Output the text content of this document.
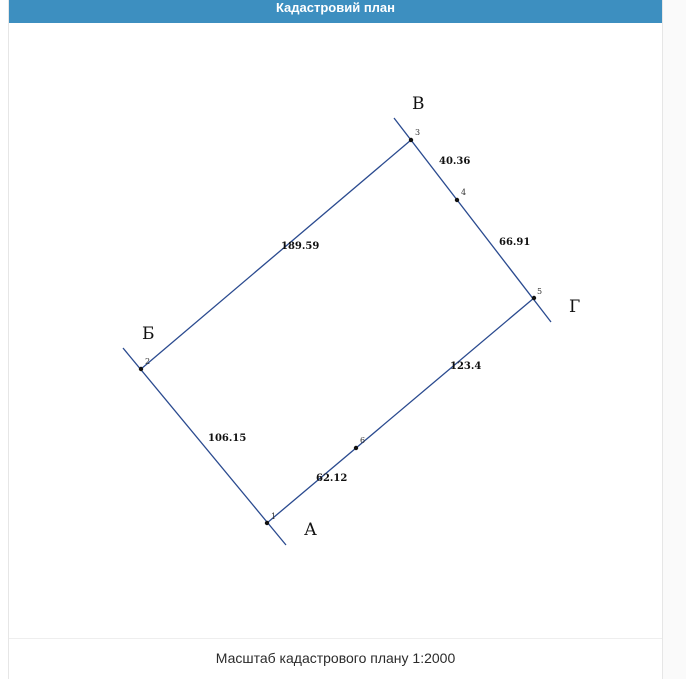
Кадастровий план
1
2
3
4
5
6
189.59
40.36
66.91
123.4
106.15
62.12
А
Б
В
Г
Масштаб кадастрового плану 1:2000
